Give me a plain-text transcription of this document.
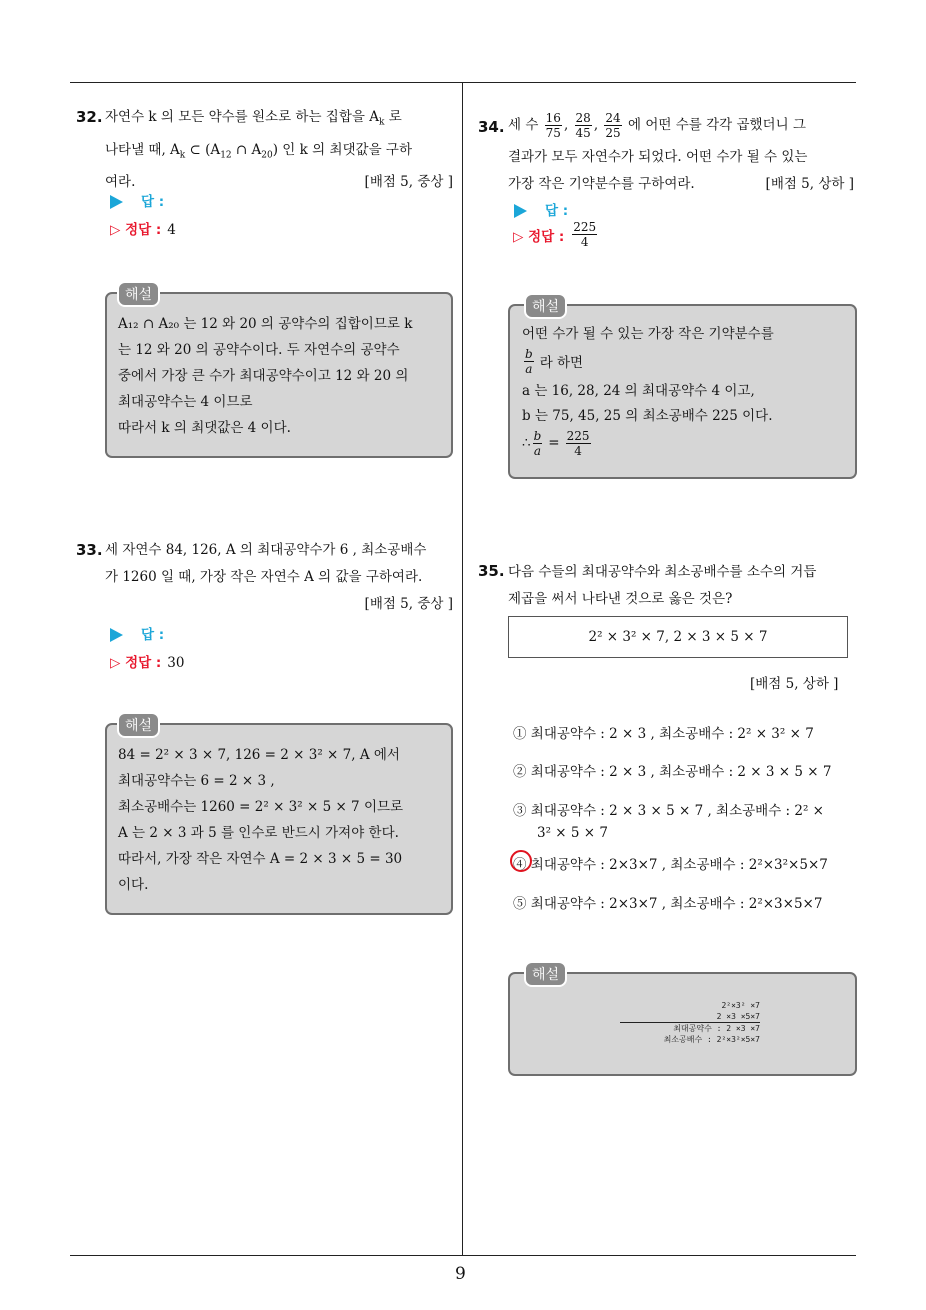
9
32. 자연수 k 의 모든 약수를 원소로 하는 집합을 $A_k$ 로
나타낼 때, $A_k$ ⊂ ($A_{12}$ ∩ $A_{20}$) 인 k 의 최댓값을 구하
여라.	[배점 5, 중상 ]
답 :
▷ 정답 : 4
해설
A₁₂ ∩ A₂₀ 는 12 와 20 의 공약수의 집합이므로 k
는 12 와 20 의 공약수이다. 두 자연수의 공약수
중에서 가장 큰 수가 최대공약수이고 12 와 20 의
최대공약수는 4 이므로
따라서 k 의 최댓값은 4 이다.
33. 세 자연수 84, 126, A 의 최대공약수가 6 , 최소공배수
가 1260 일 때, 가장 작은 자연수 A 의 값을 구하여라.
[배점 5, 중상 ]
답 :
▷ 정답 : 30
해설
84 = 2² × 3 × 7, 126 = 2 × 3² × 7, A 에서
최대공약수는 6 = 2 × 3 ,
최소공배수는 1260 = 2² × 3² × 5 × 7 이므로
A 는 2 × 3 과 5 를 인수로 반드시 가져야 한다.
따라서, 가장 작은 자연수 A = 2 × 3 × 5 = 30
이다.
34. 세 수
$\frac{16}{75}$ , $\frac{28}{45}$ , $\frac{24}{25}$
에 어떤 수를 각각 곱했더니 그
결과가 모두 자연수가 되었다. 어떤 수가 될 수 있는
가장 작은 기약분수를 구하여라.	[배점 5, 상하 ]
답 :
▷ 정답 : $\frac{225}{4}$
해설
어떤 수가 될 수 있는 가장 작은 기약분수를
$\frac{b}{a}$ 라 하면
a 는 16, 28, 24 의 최대공약수 4 이고,
b 는 75, 45, 25 의 최소공배수 225 이다.
∴ $\frac{b}{a} = \frac{225}{4}$
35. 다음 수들의 최대공약수와 최소공배수를 소수의 거듭
제곱을 써서 나타낸 것으로 옳은 것은?
2² × 3² × 7, 2 × 3 × 5 × 7
[배점 5, 상하 ]
① 최대공약수 : 2 × 3 , 최소공배수 : 2² × 3² × 7
② 최대공약수 : 2 × 3 , 최소공배수 : 2 × 3 × 5 × 7
③ 최대공약수 : 2 × 3 × 5 × 7 , 최소공배수 : 2² ×
3² × 5 × 7
④ 최대공약수 : 2×3×7 , 최소공배수 : 2²×3²×5×7
⑤ 최대공약수 : 2×3×7 , 최소공배수 : 2²×3×5×7
해설
2²×3² ×7
2 ×3 ×5×7
최대공약수 : 2 ×3 ×7
최소공배수 : 2²×3²×5×7
